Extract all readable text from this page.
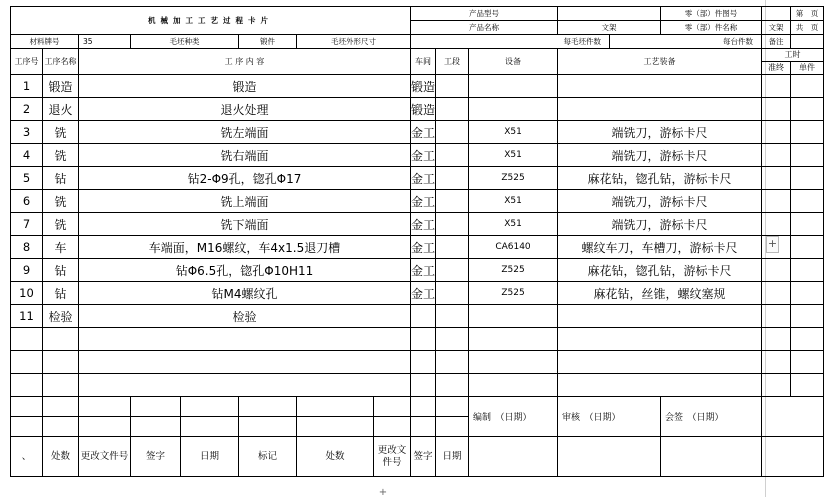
机械加工工艺过程卡片								产品型号					零（部）件图号		第　页
								产品名称			文架		零（部）件名称	文架	共　页
材料牌号		35	毛坯种类		锻件	毛坯外形尺寸		每毛坯件数				每台件数		备注	
工序号	工序名称	工 序 内 容						车间	工段	设备	工艺装备			工时	
														准终	单件
1	锻造	锻造						锻造							
2	退火	退火处理						锻造							
3	铣	铣左端面						金工		X51	端铣刀，游标卡尺				
4	铣	铣右端面						金工		X51	端铣刀，游标卡尺				
5	钻	钻2-Φ9孔，锪孔Φ17						金工		Z525	麻花钻，锪孔钻，游标卡尺				
6	铣	铣上端面						金工		X51	端铣刀，游标卡尺				
7	铣	铣下端面						金工		X51	端铣刀，游标卡尺				
8	车	车端面，M16螺纹，车4x1.5退刀槽						金工		CA6140	螺纹车刀，车槽刀，游标卡尺				
9	钻	钻Φ6.5孔，锪孔Φ10H11						金工		Z525	麻花钻，锪孔钻，游标卡尺				
10	钻	钻M4螺纹孔						金工		Z525	麻花钻，丝锥，螺纹塞规				
11	检验	检验													

										编制　（日期）	审核　（日期）		会签　（日期）		

、	处数	更改文件号	签字	日期	标记	处数	更改文件号	签字	日期						
+
+
